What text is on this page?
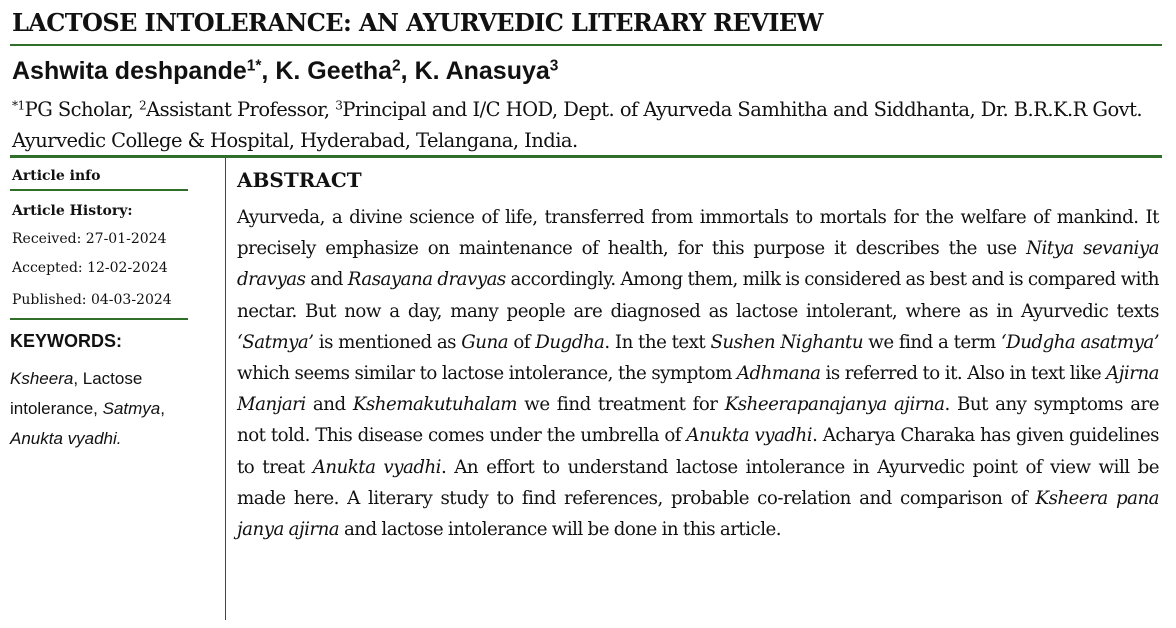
LACTOSE INTOLERANCE: AN AYURVEDIC LITERARY REVIEW
Ashwita deshpande$^{1*}$, K. Geetha$^2$, K. Anasuya$^3$
$^{*1}$PG Scholar, $^2$Assistant Professor, $^3$Principal and I/C HOD, Dept. of Ayurveda Samhitha and Siddhanta, Dr. B.R.K.R Govt. Ayurvedic College & Hospital, Hyderabad, Telangana, India.
Article info
Article History:
Received: 27-01-2024
Accepted: 12-02-2024
Published: 04-03-2024
KEYWORDS:
Ksheera, Lactose intolerance, Satmya, Anukta vyadhi.
ABSTRACT
Ayurveda, a divine science of life, transferred from immortals to mortals for the welfare of mankind. It precisely emphasize on maintenance of health, for this purpose it describes the use Nitya sevaniya dravyas and Rasayana dravyas accordingly. Among them, milk is considered as best and is compared with nectar. But now a day, many people are diagnosed as lactose intolerant, where as in Ayurvedic texts ‘Satmya’ is mentioned as Guna of Dugdha. In the text Sushen Nighantu we find a term ‘Dudgha asatmya’ which seems similar to lactose intolerance, the symptom Adhmana is referred to it. Also in text like Ajirna Manjari and Kshemakutuhalam we find treatment for Ksheerapanajanya ajirna. But any symptoms are not told. This disease comes under the umbrella of Anukta vyadhi. Acharya Charaka has given guidelines to treat Anukta vyadhi. An effort to understand lactose intolerance in Ayurvedic point of view will be made here. A literary study to find references, probable co-relation and comparison of Ksheera pana janya ajirna and lactose intolerance will be done in this article.
